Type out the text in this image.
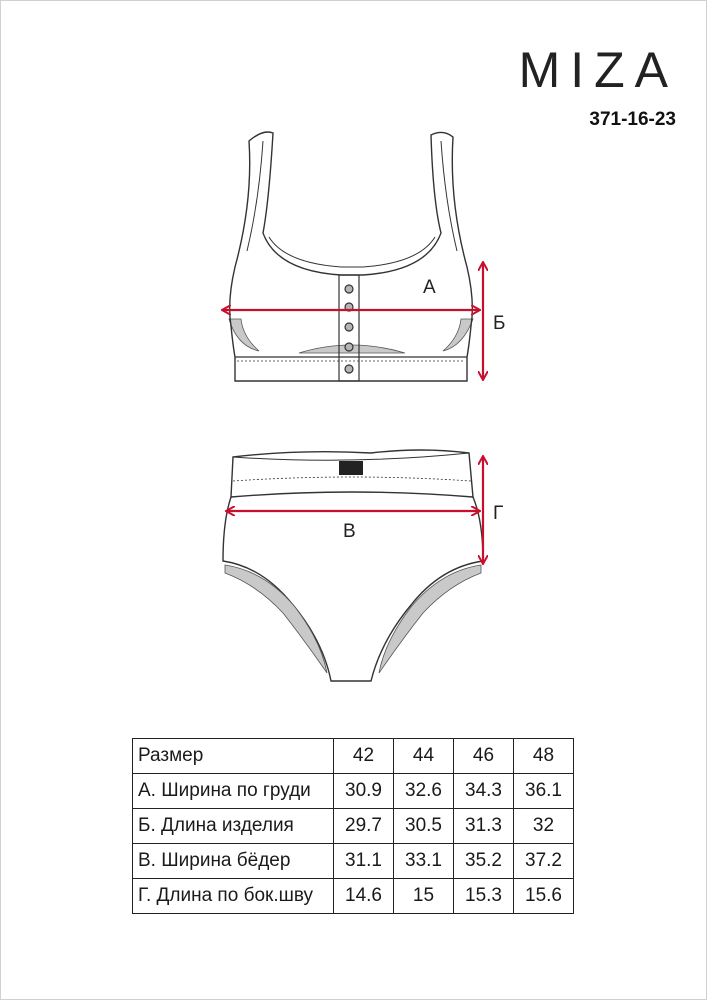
MIZA
371-16-23
А
Б
В
Г
Размер	42	44	46	48
А. Ширина по груди	30.9	32.6	34.3	36.1
Б. Длина изделия	29.7	30.5	31.3	32
В. Ширина бёдер	31.1	33.1	35.2	37.2
Г. Длина по бок.шву	14.6	15	15.3	15.6
